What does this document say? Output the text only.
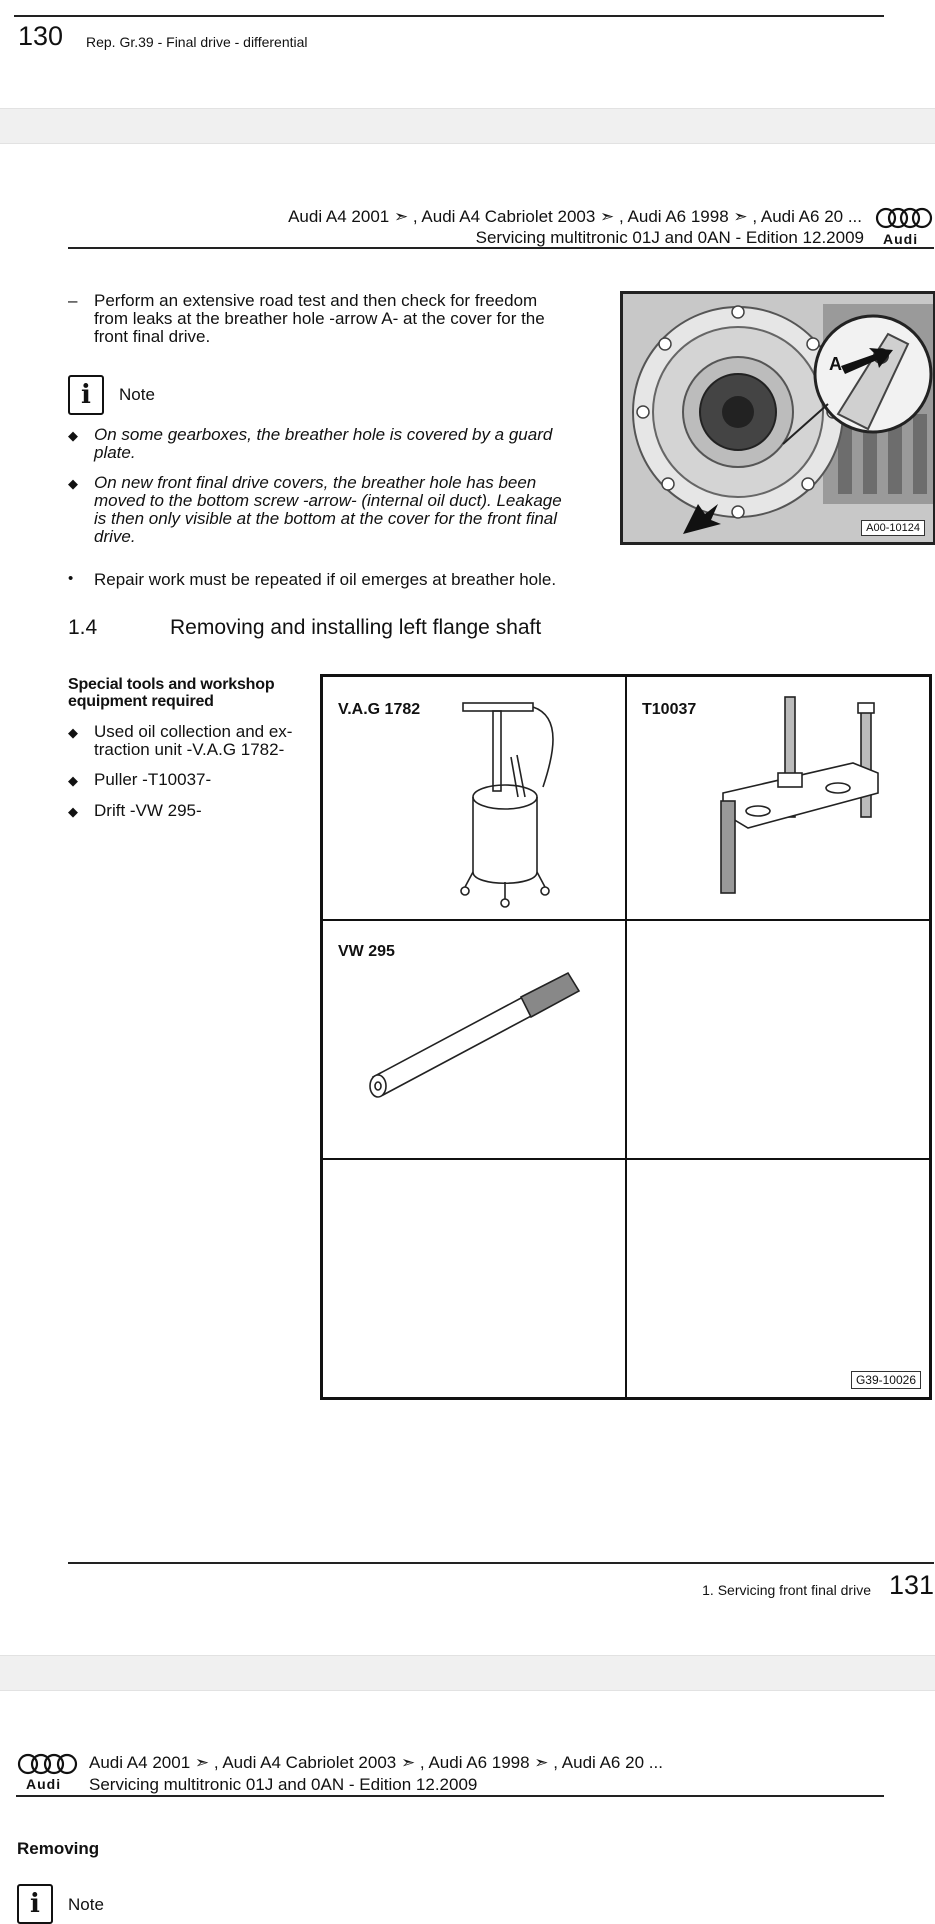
130 Rep. Gr.39 - Final drive - differential
Audi A4 2001 ➣ , Audi A4 Cabriolet 2003 ➣ , Audi A6 1998 ➣ , Audi A6 20 ...
Servicing multitronic 01J and 0AN - Edition 12.2009 Audi
– Perform an extensive road test and then check for freedom
from leaks at the breather hole -arrow A- at the cover for the
front final drive.
i	Note
◆ On some gearboxes, the breather hole is covered by a guard
plate.
◆ On new front final drive covers, the breather hole has been
moved to the bottom screw -arrow- (internal oil duct). Leakage
is then only visible at the bottom at the cover for the front final
drive.
• Repair work must be repeated if oil emerges at breather hole.
A
A00-10124
1.4	Removing and installing left flange shaft
Special tools and workshop
equipment required
◆ Used oil collection and ex-
traction unit -V.A.G 1782-
◆ Puller -T10037-
◆ Drift -VW 295-
V.A.G 1782	T10037
VW 295
G39-10026
1. Servicing front final drive 131
Audi
Audi A4 2001 ➣ , Audi A4 Cabriolet 2003 ➣ , Audi A6 1998 ➣ , Audi A6 20 ...
Servicing multitronic 01J and 0AN - Edition 12.2009
Removing
i	Note
